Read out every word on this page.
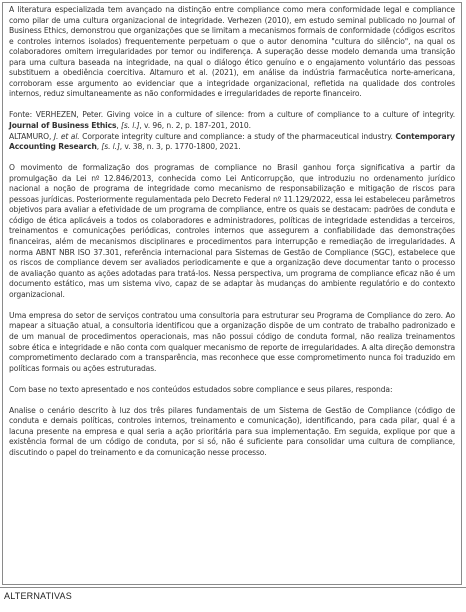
A literatura especializada tem avançado na distinção entre compliance como mera conformidade legal e compliance como pilar de uma cultura organizacional de integridade. Verhezen (2010), em estudo seminal publicado no Journal of Business Ethics, demonstrou que organizações que se limitam a mecanismos formais de conformidade (códigos escritos e controles internos isolados) frequentemente perpetuam o que o autor denomina "cultura do silêncio", na qual os colaboradores omitem irregularidades por temor ou indiferença. A superação desse modelo demanda uma transição para uma cultura baseada na integridade, na qual o diálogo ético genuíno e o engajamento voluntário das pessoas substituem a obediência coercitiva. Altamuro et al. (2021), em análise da indústria farmacêutica norte-americana, corroboram esse argumento ao evidenciar que a integridade organizacional, refletida na qualidade dos controles internos, reduz simultaneamente as não conformidades e irregularidades de reporte financeiro.

Fonte: VERHEZEN, Peter. Giving voice in a culture of silence: from a culture of compliance to a culture of integrity. Journal of Business Ethics, [s. l.], v. 96, n. 2, p. 187-201, 2010.
ALTAMURO, J. et al. Corporate integrity culture and compliance: a study of the pharmaceutical industry. Contemporary Accounting Research, [s. l.], v. 38, n. 3, p. 1770-1800, 2021.

O movimento de formalização dos programas de compliance no Brasil ganhou força significativa a partir da promulgação da Lei nº 12.846/2013, conhecida como Lei Anticorrupção, que introduziu no ordenamento jurídico nacional a noção de programa de integridade como mecanismo de responsabilização e mitigação de riscos para pessoas jurídicas. Posteriormente regulamentada pelo Decreto Federal nº 11.129/2022, essa lei estabeleceu parâmetros objetivos para avaliar a efetividade de um programa de compliance, entre os quais se destacam: padrões de conduta e código de ética aplicáveis a todos os colaboradores e administradores, políticas de integridade estendidas a terceiros, treinamentos e comunicações periódicas, controles internos que assegurem a confiabilidade das demonstrações financeiras, além de mecanismos disciplinares e procedimentos para interrupção e remediação de irregularidades. A norma ABNT NBR ISO 37.301, referência internacional para Sistemas de Gestão de Compliance (SGC), estabelece que os riscos de compliance devem ser avaliados periodicamente e que a organização deve documentar tanto o processo de avaliação quanto as ações adotadas para tratá-los. Nessa perspectiva, um programa de compliance eficaz não é um documento estático, mas um sistema vivo, capaz de se adaptar às mudanças do ambiente regulatório e do contexto organizacional.

Uma empresa do setor de serviços contratou uma consultoria para estruturar seu Programa de Compliance do zero. Ao mapear a situação atual, a consultoria identificou que a organização dispõe de um contrato de trabalho padronizado e de um manual de procedimentos operacionais, mas não possui código de conduta formal, não realiza treinamentos sobre ética e integridade e não conta com qualquer mecanismo de reporte de irregularidades. A alta direção demonstra comprometimento declarado com a transparência, mas reconhece que esse comprometimento nunca foi traduzido em políticas formais ou ações estruturadas.

Com base no texto apresentado e nos conteúdos estudados sobre compliance e seus pilares, responda:

Analise o cenário descrito à luz dos três pilares fundamentais de um Sistema de Gestão de Compliance (código de conduta e demais políticas, controles internos, treinamento e comunicação), identificando, para cada pilar, qual é a lacuna presente na empresa e qual seria a ação prioritária para sua implementação. Em seguida, explique por que a existência formal de um código de conduta, por si só, não é suficiente para consolidar uma cultura de compliance, discutindo o papel do treinamento e da comunicação nesse processo.

ALTERNATIVAS
